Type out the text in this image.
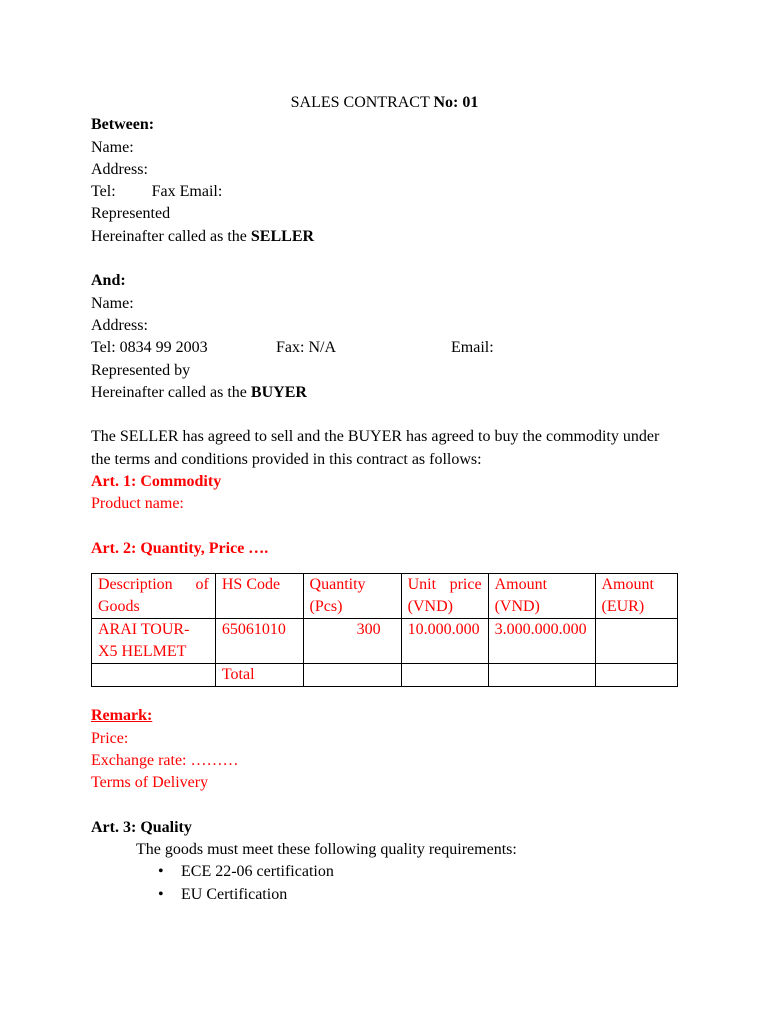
SALES CONTRACT No: 01
Between:
Name:
Address:
Tel: Fax Email:
Represented
Hereinafter called as the SELLER
And:
Name:
Address:
Tel: 0834 99 2003	Fax: N/A	Email:
Represented by
Hereinafter called as the BUYER
The SELLER has agreed to sell and the BUYER has agreed to buy the commodity under the terms and conditions provided in this contract as follows:
Art. 1: Commodity
Product name:
Art. 2: Quantity, Price ….
Description of Goods	HS Code	Quantity (Pcs)	Unit price (VND)	Amount (VND)	Amount (EUR)
ARAI TOUR-X5 HELMET	65061010	300	10.000.000	3.000.000.000	
	Total				
Remark:
Price:
Exchange rate: ………
Terms of Delivery
Art. 3: Quality
The goods must meet these following quality requirements:
• ECE 22-06 certification
• EU Certification
